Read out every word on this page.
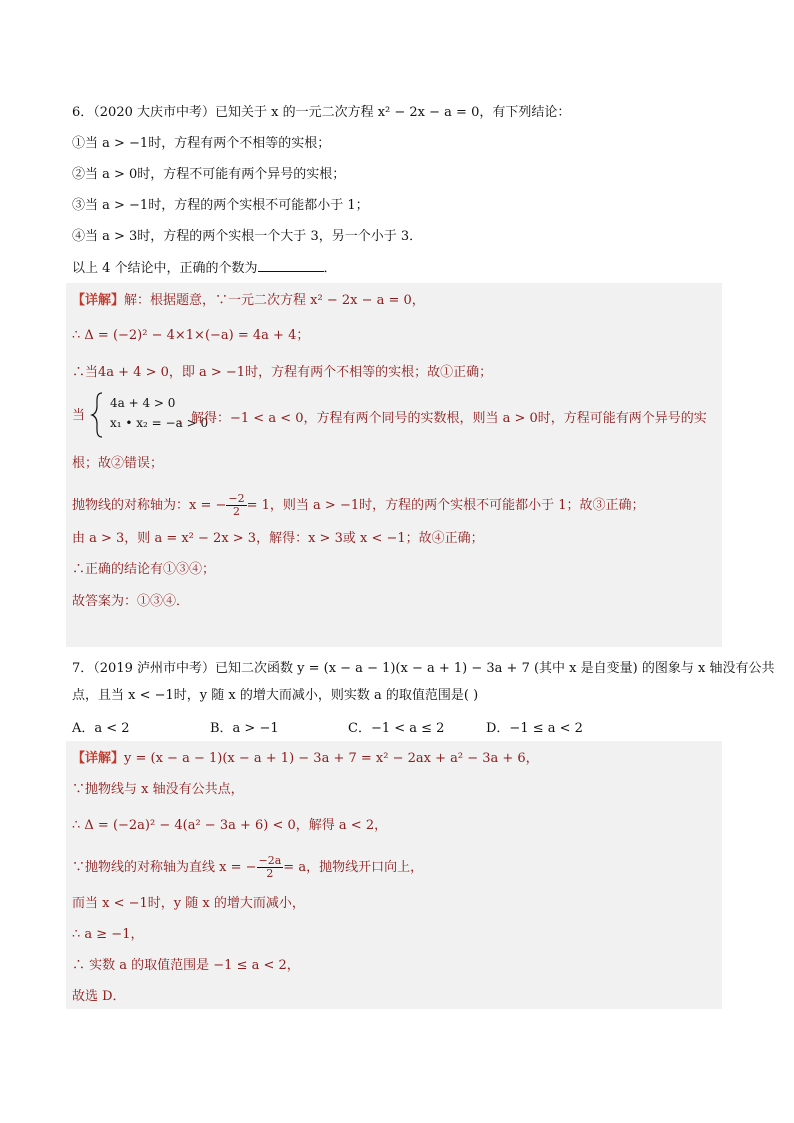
6．（2020 大庆市中考）已知关于 x 的一元二次方程 x² − 2x − a = 0，有下列结论：
①当 a > −1时，方程有两个不相等的实根；
②当 a > 0时，方程不可能有两个异号的实根；
③当 a > −1时，方程的两个实根不可能都小于 1；
④当 a > 3时，方程的两个实根一个大于 3，另一个小于 3．
以上 4 个结论中，正确的个数为	．
【详解】解：根据题意，∵一元二次方程 x² − 2x − a = 0，
∴ Δ = (−2)² − 4×1×(−a) = 4a + 4；
∴当4a + 4 > 0，即 a > −1时，方程有两个不相等的实根；故①正确；
当
4a + 4 > 0
x₁ • x₂ = −a > 0
，解得：−1 < a < 0，方程有两个同号的实数根，则当 a > 0时，方程可能有两个异号的实
根；故②错误；
抛物线的对称轴为：x = − $\frac{-2}{2} = 1$，则当 a > −1时，方程的两个实根不可能都小于 1；故③正确；
由 a > 3，则 a = x² − 2x > 3，解得：x > 3或 x < −1；故④正确；
∴正确的结论有①③④；
故答案为：①③④．
7．（2019 泸州市中考）已知二次函数 y = (x − a − 1)(x − a + 1) − 3a + 7 (其中 x 是自变量) 的图象与 x 轴没有公共
点，且当 x < −1时，y 随 x 的增大而减小，则实数 a 的取值范围是( )
A．a < 2	B．a > −1	C．−1 < a ≤ 2	D．−1 ≤ a < 2
【详解】y = (x − a − 1)(x − a + 1) − 3a + 7 = x² − 2ax + a² − 3a + 6，
∵抛物线与 x 轴没有公共点，
∴ Δ = (−2a)² − 4(a² − 3a + 6) < 0，解得 a < 2，
∵抛物线的对称轴为直线 x = − $\frac{-2a}{2} = a$，抛物线开口向上，
而当 x < −1时，y 随 x 的增大而减小，
∴ a ≥ −1，
∴ 实数 a 的取值范围是 −1 ≤ a < 2，
故选 D．
